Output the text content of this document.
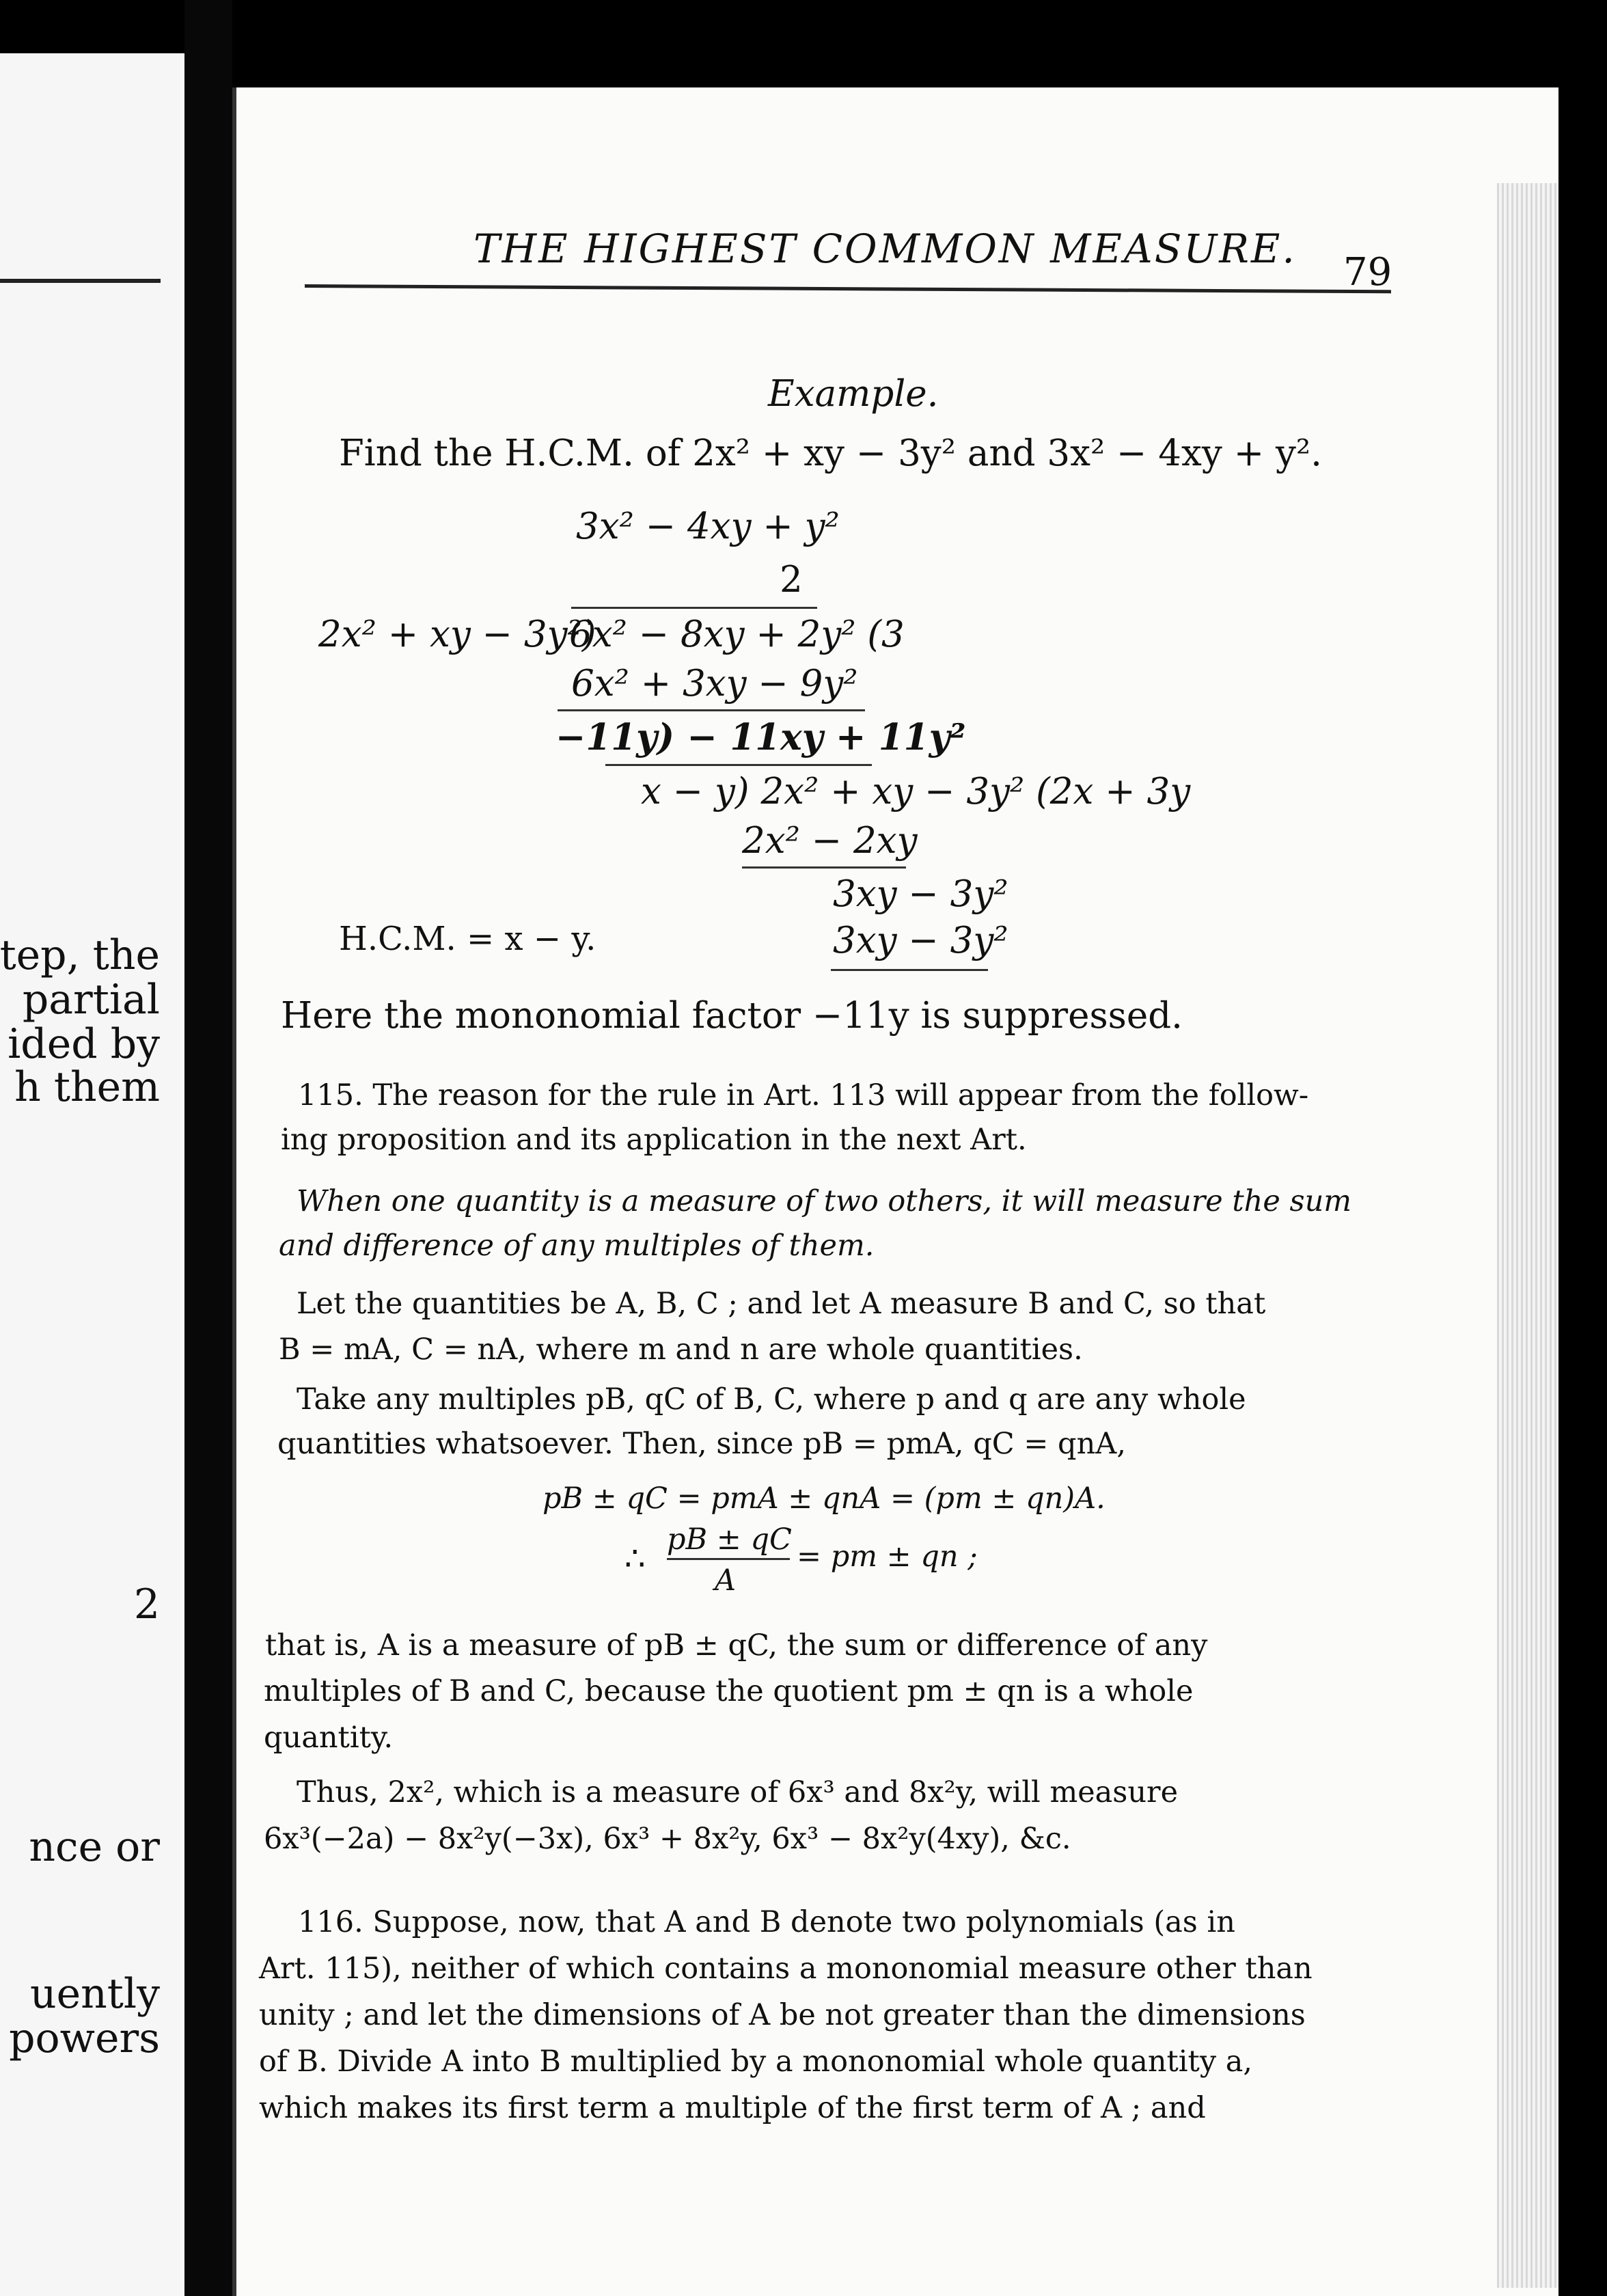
tep, the
partial
ided by
h them
2
nce or
uently
powers
THE HIGHEST COMMON MEASURE.
79
Example.
Find the H.C.M. of 2x² + xy − 3y² and 3x² − 4xy + y².
3x² − 4xy + y²
2
2x² + xy − 3y²)
6x² − 8xy + 2y² (3
6x² + 3xy − 9y²
−11y) − 11xy + 11y²
x − y) 2x² + xy − 3y² (2x + 3y
2x² − 2xy
3xy − 3y²
3xy − 3y²
H.C.M. = x − y.
Here the mononomial factor −11y is suppressed.
115. The reason for the rule in Art. 113 will appear from the follow-
ing proposition and its application in the next Art.
When one quantity is a measure of two others, it will measure the sum
and difference of any multiples of them.
Let the quantities be A, B, C ; and let A measure B and C, so that
B = mA, C = nA, where m and n are whole quantities.
Take any multiples pB, qC of B, C, where p and q are any whole
quantities whatsoever. Then, since pB = pmA, qC = qnA,
pB ± qC = pmA ± qnA = (pm ± qn)A.
∴ pB ± qC
A
= pm ± qn ;
that is, A is a measure of pB ± qC, the sum or difference of any
multiples of B and C, because the quotient pm ± qn is a whole
quantity.
Thus, 2x², which is a measure of 6x³ and 8x²y, will measure
6x³(−2a) − 8x²y(−3x), 6x³ + 8x²y, 6x³ − 8x²y(4xy), &c.
116. Suppose, now, that A and B denote two polynomials (as in
Art. 115), neither of which contains a mononomial measure other than
unity ; and let the dimensions of A be not greater than the dimensions
of B. Divide A into B multiplied by a mononomial whole quantity a,
which makes its first term a multiple of the first term of A ; and
